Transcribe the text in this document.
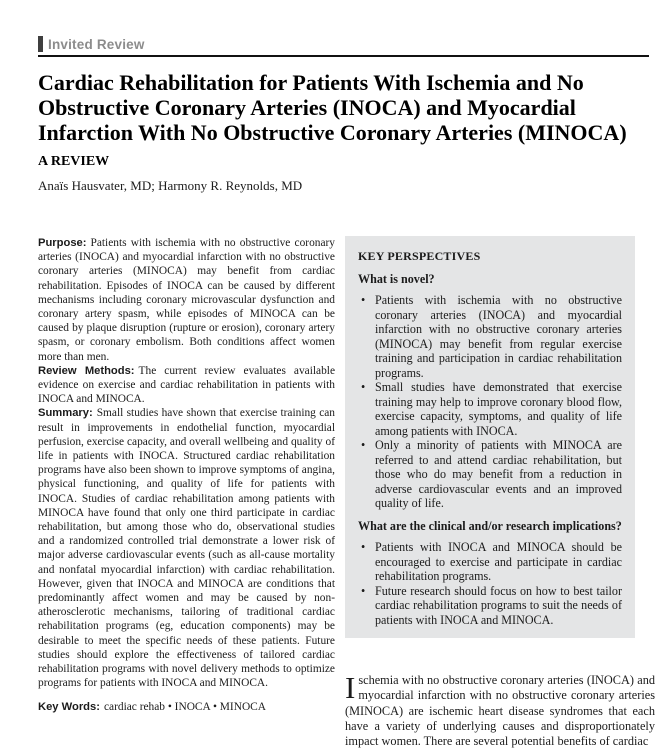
Invited Review
Cardiac Rehabilitation for Patients With Ischemia and No Obstructive Coronary Arteries (INOCA) and Myocardial Infarction With No Obstructive Coronary Arteries (MINOCA)
A REVIEW
Anaïs Hausvater, MD; Harmony R. Reynolds, MD

Purpose: Patients with ischemia with no obstructive coronary arteries (INOCA) and myocardial infarction with no obstructive coronary arteries (MINOCA) may benefit from cardiac rehabilitation. Episodes of INOCA can be caused by different mechanisms including coronary microvascular dysfunction and coronary artery spasm, while episodes of MINOCA can be caused by plaque disruption (rupture or erosion), coronary artery spasm, or coronary embolism. Both conditions affect women more than men.

Review Methods: The current review evaluates available evidence on exercise and cardiac rehabilitation in patients with INOCA and MINOCA.

Summary: Small studies have shown that exercise training can result in improvements in endothelial function, myocardial perfusion, exercise capacity, and overall wellbeing and quality of life in patients with INOCA. Structured cardiac rehabilitation programs have also been shown to improve symptoms of angina, physical functioning, and quality of life for patients with INOCA. Studies of cardiac rehabilitation among patients with MINOCA have found that only one third participate in cardiac rehabilitation, but among those who do, observational studies and a randomized controlled trial demonstrate a lower risk of major adverse cardiovascular events (such as all-cause mortality and nonfatal myocardial infarction) with cardiac rehabilitation. However, given that INOCA and MINOCA are conditions that predominantly affect women and may be caused by non-atherosclerotic mechanisms, tailoring of traditional cardiac rehabilitation programs (eg, education components) may be desirable to meet the specific needs of these patients. Future studies should explore the effectiveness of tailored cardiac rehabilitation programs with novel delivery methods to optimize programs for patients with INOCA and MINOCA.

Key Words: cardiac rehab • INOCA • MINOCA

KEY PERSPECTIVES
What is novel?
• Patients with ischemia with no obstructive coronary arteries (INOCA) and myocardial infarction with no obstructive coronary arteries (MINOCA) may benefit from regular exercise training and participation in cardiac rehabilitation programs.
• Small studies have demonstrated that exercise training may help to improve coronary blood flow, exercise capacity, symptoms, and quality of life among patients with INOCA.
• Only a minority of patients with MINOCA are referred to and attend cardiac rehabilitation, but those who do may benefit from a reduction in adverse cardiovascular events and an improved quality of life.
What are the clinical and/or research implications?
• Patients with INOCA and MINOCA should be encouraged to exercise and participate in cardiac rehabilitation programs.
• Future research should focus on how to best tailor cardiac rehabilitation programs to suit the needs of patients with INOCA and MINOCA.

Ischemia with no obstructive coronary arteries (INOCA) and myocardial infarction with no obstructive coronary arteries (MINOCA) are ischemic heart disease syndromes that each have a variety of underlying causes and disproportionately impact women. There are several potential benefits of cardiac
